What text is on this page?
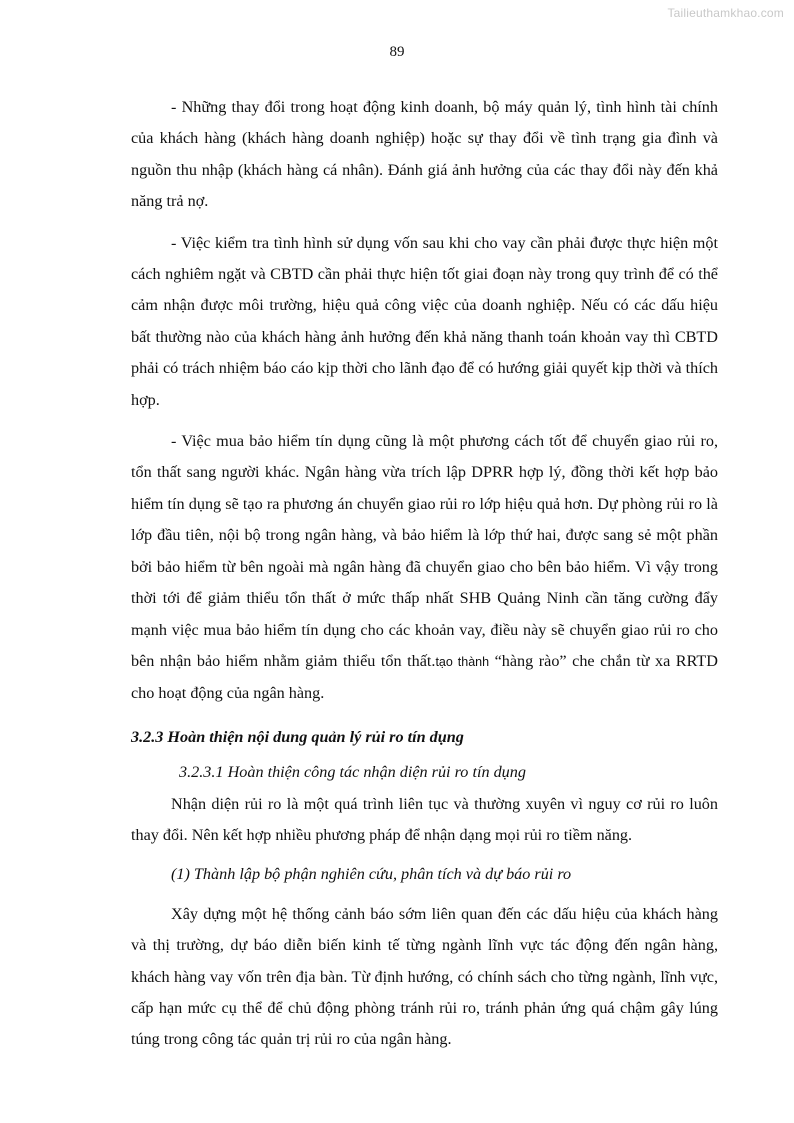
Tailieuthamkhao.com
89

- Những thay đổi trong hoạt động kinh doanh, bộ máy quản lý, tình hình tài chính của khách hàng (khách hàng doanh nghiệp) hoặc sự thay đổi về tình trạng gia đình và nguồn thu nhập (khách hàng cá nhân). Đánh giá ảnh hưởng của các thay đổi này đến khả năng trả nợ.

- Việc kiểm tra tình hình sử dụng vốn sau khi cho vay cần phải được thực hiện một cách nghiêm ngặt và CBTD cần phải thực hiện tốt giai đoạn này trong quy trình để có thể cảm nhận được môi trường, hiệu quả công việc của doanh nghiệp. Nếu có các dấu hiệu bất thường nào của khách hàng ảnh hưởng đến khả năng thanh toán khoản vay thì CBTD phải có trách nhiệm báo cáo kịp thời cho lãnh đạo để có hướng giải quyết kịp thời và thích hợp.

- Việc mua bảo hiểm tín dụng cũng là một phương cách tốt để chuyển giao rủi ro, tổn thất sang người khác. Ngân hàng vừa trích lập DPRR hợp lý, đồng thời kết hợp bảo hiểm tín dụng sẽ tạo ra phương án chuyển giao rủi ro lớp hiệu quả hơn. Dự phòng rủi ro là lớp đầu tiên, nội bộ trong ngân hàng, và bảo hiểm là lớp thứ hai, được sang sẻ một phần bởi bảo hiểm từ bên ngoài mà ngân hàng đã chuyển giao cho bên bảo hiểm. Vì vậy trong thời tới để giảm thiểu tổn thất ở mức thấp nhất SHB Quảng Ninh cần tăng cường đẩy mạnh việc mua bảo hiểm tín dụng cho các khoản vay, điều này sẽ chuyển giao rủi ro cho bên nhận bảo hiểm nhằm giảm thiểu tổn thất.tạo thành “hàng rào” che chắn từ xa RRTD cho hoạt động của ngân hàng.

3.2.3 Hoàn thiện nội dung quản lý rủi ro tín dụng

3.2.3.1 Hoàn thiện công tác nhận diện rủi ro tín dụng

Nhận diện rủi ro là một quá trình liên tục và thường xuyên vì nguy cơ rủi ro luôn thay đổi. Nên kết hợp nhiều phương pháp để nhận dạng mọi rủi ro tiềm năng.

(1) Thành lập bộ phận nghiên cứu, phân tích và dự báo rủi ro

Xây dựng một hệ thống cảnh báo sớm liên quan đến các dấu hiệu của khách hàng và thị trường, dự báo diễn biến kinh tế từng ngành lĩnh vực tác động đến ngân hàng, khách hàng vay vốn trên địa bàn. Từ định hướng, có chính sách cho từng ngành, lĩnh vực, cấp hạn mức cụ thể để chủ động phòng tránh rủi ro, tránh phản ứng quá chậm gây lúng túng trong công tác quản trị rủi ro của ngân hàng.
